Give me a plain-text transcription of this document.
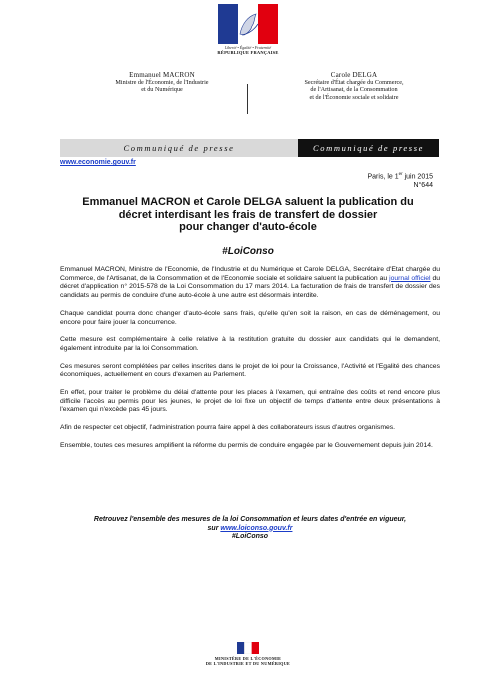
Liberté • Égalité • Fraternité
RÉPUBLIQUE FRANÇAISE
Emmanuel MACRON
Ministre de l'Économie, de l'Industrie
et du Numérique
Carole DELGA
Secrétaire d'État chargée du Commerce,
de l'Artisanat, de la Consommation
et de l'Économie sociale et solidaire
Communiqué de presse	Communiqué de presse
www.economie.gouv.fr
Paris, le 1er juin 2015
N°644
Emmanuel MACRON et Carole DELGA saluent la publication du
décret interdisant les frais de transfert de dossier
pour changer d'auto-école
#LoiConso

Emmanuel MACRON, Ministre de l'Economie, de l'Industrie et du Numérique et Carole DELGA, Secrétaire d'Etat chargée du Commerce, de l'Artisanat, de la Consommation et de l'Economie sociale et solidaire saluent la publication au journal officiel du décret d'application n° 2015-578 de la Loi Consommation du 17 mars 2014. La facturation de frais de transfert de dossier des candidats au permis de conduire d'une auto-école à une autre est désormais interdite.

Chaque candidat pourra donc changer d'auto-école sans frais, qu'elle qu'en soit la raison, en cas de déménagement, ou encore pour faire jouer la concurrence.

Cette mesure est complémentaire à celle relative à la restitution gratuite du dossier aux candidats qui le demandent, également introduite par la loi Consommation.

Ces mesures seront complétées par celles inscrites dans le projet de loi pour la Croissance, l'Activité et l'Egalité des chances économiques, actuellement en cours d'examen au Parlement.

En effet, pour traiter le problème du délai d'attente pour les places à l'examen, qui entraîne des coûts et rend encore plus difficile l'accès au permis pour les jeunes, le projet de loi fixe un objectif de temps d'attente entre deux présentations à l'examen qui n'excède pas 45 jours.

Afin de respecter cet objectif, l'administration pourra faire appel à des collaborateurs issus d'autres organismes.

Ensemble, toutes ces mesures amplifient la réforme du permis de conduire engagée par le Gouvernement depuis juin 2014.

Retrouvez l'ensemble des mesures de la loi Consommation et leurs dates d'entrée en vigueur,
sur www.loiconso.gouv.fr
#LoiConso
MINISTÈRE DE L'ÉCONOMIE
DE L'INDUSTRIE ET DU NUMÉRIQUE
